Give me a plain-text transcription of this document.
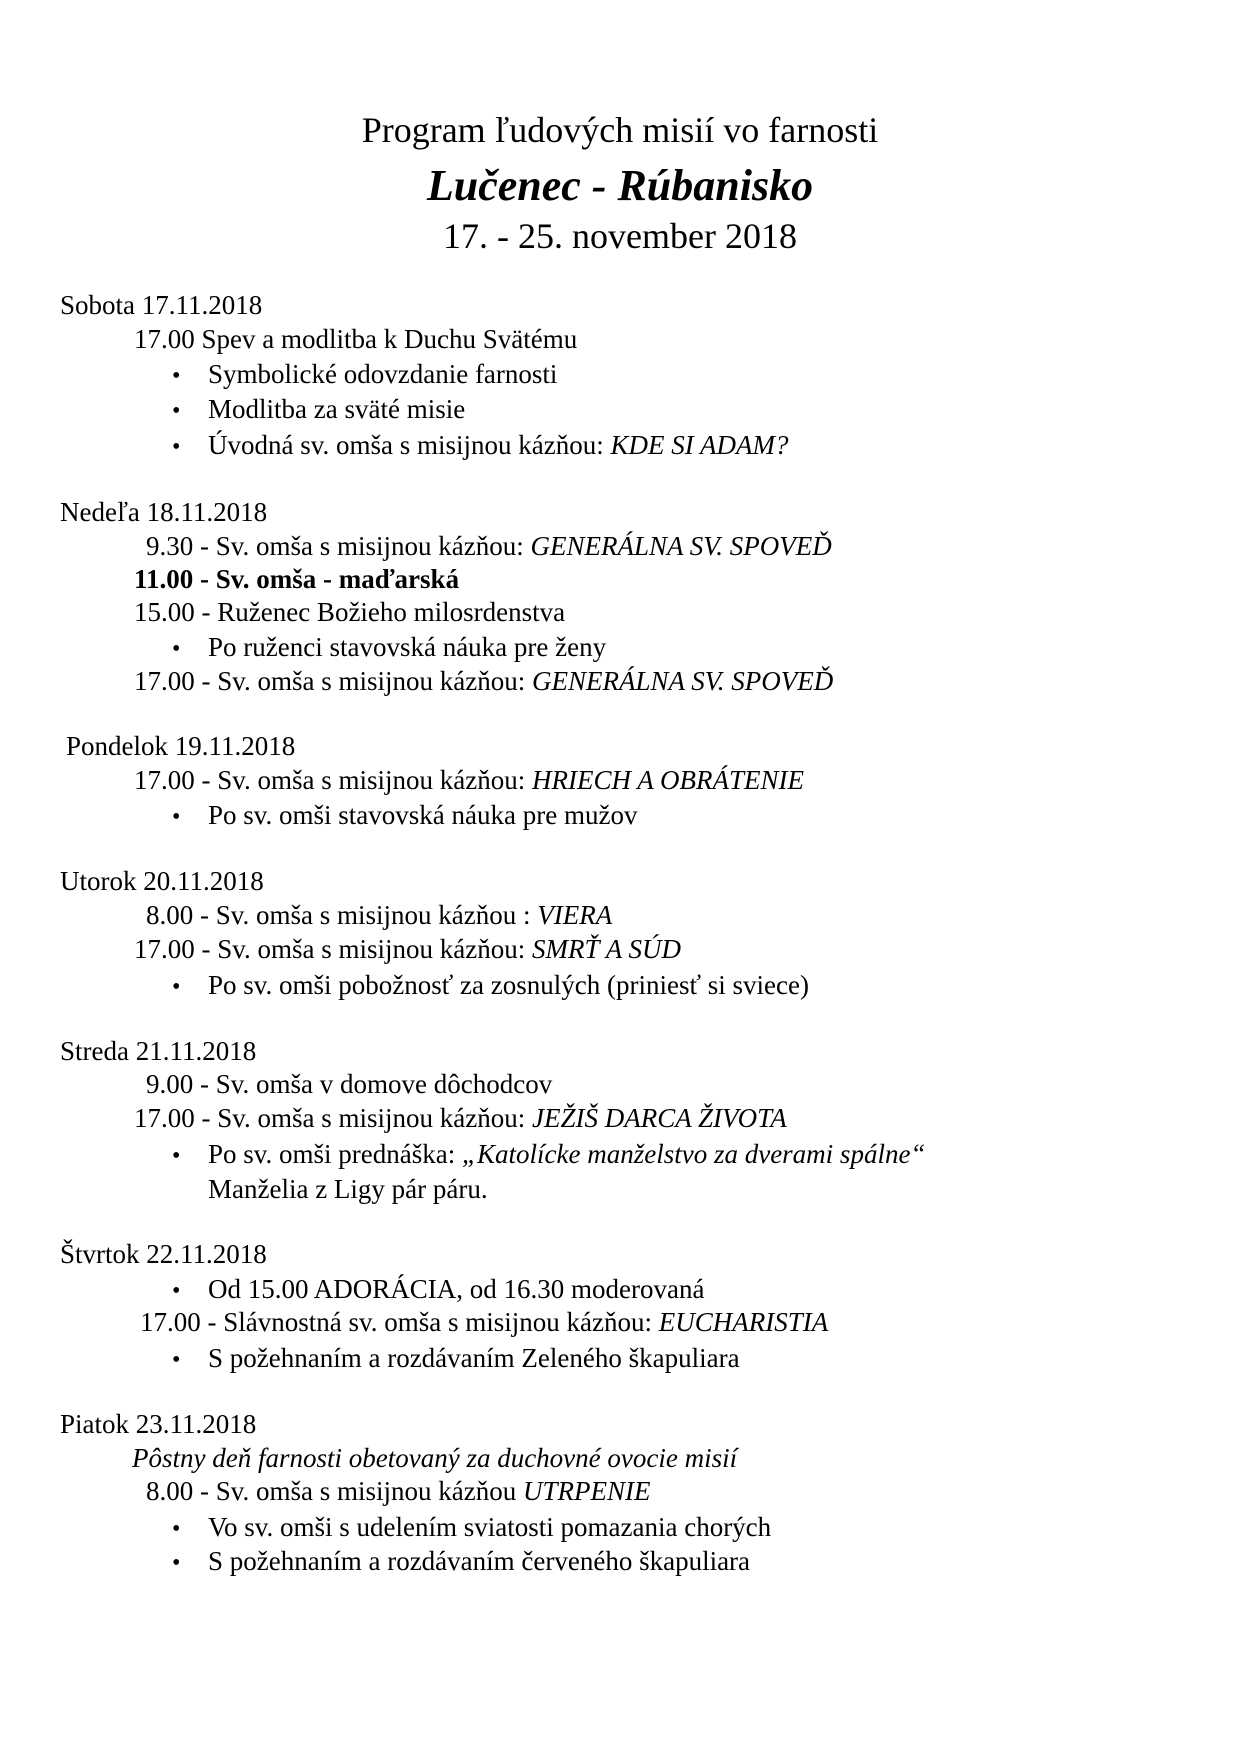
Program ľudových misií vo farnosti
Lučenec - Rúbanisko
17. - 25. november 2018
Sobota 17.11.2018
17.00 Spev a modlitba k Duchu Svätému
• Symbolické odovzdanie farnosti
• Modlitba za sväté misie
• Úvodná sv. omša s misijnou kázňou: KDE SI ADAM?
Nedeľa 18.11.2018
9.30 - Sv. omša s misijnou kázňou: GENERÁLNA SV. SPOVEĎ
11.00 - Sv. omša - maďarská
15.00 - Ruženec Božieho milosrdenstva
• Po ruženci stavovská náuka pre ženy
17.00 - Sv. omša s misijnou kázňou: GENERÁLNA SV. SPOVEĎ
Pondelok 19.11.2018
17.00 - Sv. omša s misijnou kázňou: HRIECH A OBRÁTENIE
• Po sv. omši stavovská náuka pre mužov
Utorok 20.11.2018
8.00 - Sv. omša s misijnou kázňou : VIERA
17.00 - Sv. omša s misijnou kázňou: SMRŤ A SÚD
• Po sv. omši pobožnosť za zosnulých (priniesť si sviece)
Streda 21.11.2018
9.00 - Sv. omša v domove dôchodcov
17.00 - Sv. omša s misijnou kázňou: JEŽIŠ DARCA ŽIVOTA
• Po sv. omši prednáška: „Katolícke manželstvo za dverami spálne“
Manželia z Ligy pár páru.
Štvrtok 22.11.2018
• Od 15.00 ADORÁCIA, od 16.30 moderovaná
17.00 - Slávnostná sv. omša s misijnou kázňou: EUCHARISTIA
• S požehnaním a rozdávaním Zeleného škapuliara
Piatok 23.11.2018
Pôstny deň farnosti obetovaný za duchovné ovocie misií
8.00 - Sv. omša s misijnou kázňou UTRPENIE
• Vo sv. omši s udelením sviatosti pomazania chorých
• S požehnaním a rozdávaním červeného škapuliara
